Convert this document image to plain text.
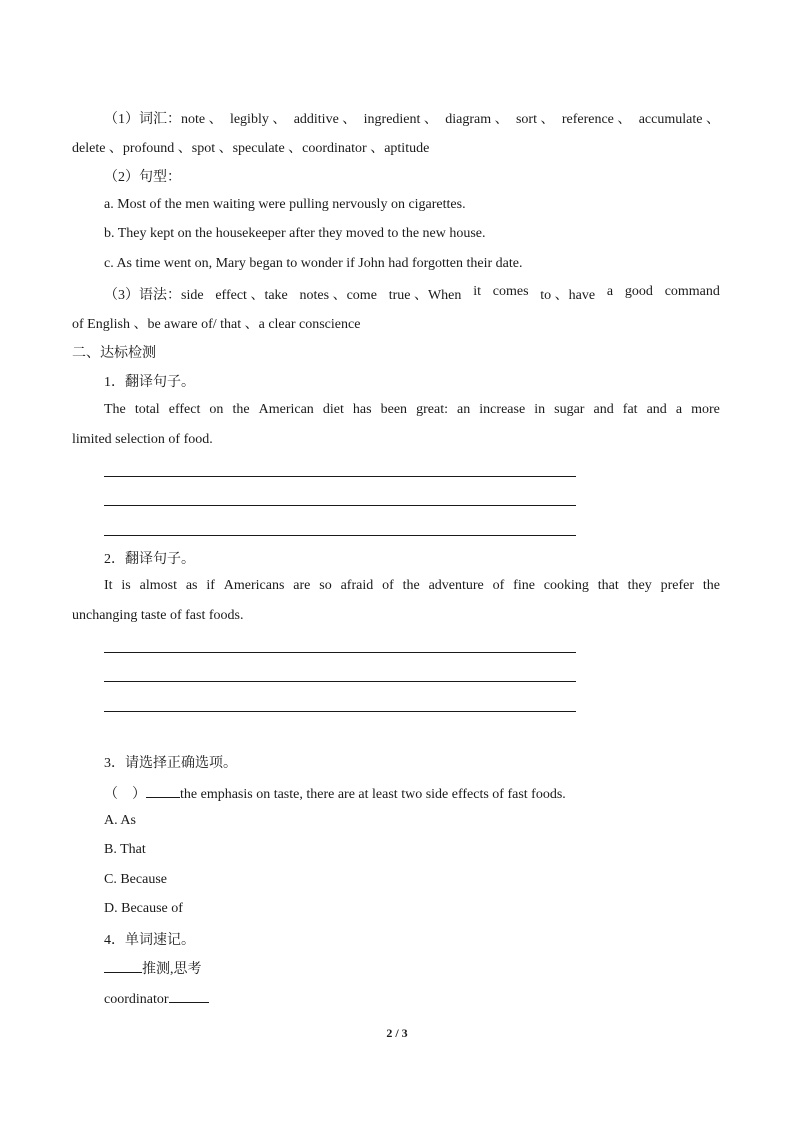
（1）词汇：note 、 legibly 、 additive 、 ingredient 、 diagram 、 sort 、 reference 、 accumulate 、
delete 、profound 、spot 、speculate 、coordinator 、aptitude
（2）句型：
a. Most of the men waiting were pulling nervously on cigarettes.
b. They kept on the housekeeper after they moved to the new house.
c. As time went on, Mary began to wonder if John had forgotten their date.
（3）语法：side effect 、take notes 、come true 、When it comes to 、have a good command
of English 、be aware of/ that 、a clear conscience
二、达标检测
1．翻译句子。
The total effect on the American diet has been great: an increase in sugar and fat and a more
limited selection of food.
2．翻译句子。
It is almost as if Americans are so afraid of the adventure of fine cooking that they prefer the
unchanging taste of fast foods.
3．请选择正确选项。
（　） the emphasis on taste, there are at least two side effects of fast foods.
A. As
B. That
C. Because
D. Because of
4．单词速记。
推测,思考
coordinator
2 / 3
